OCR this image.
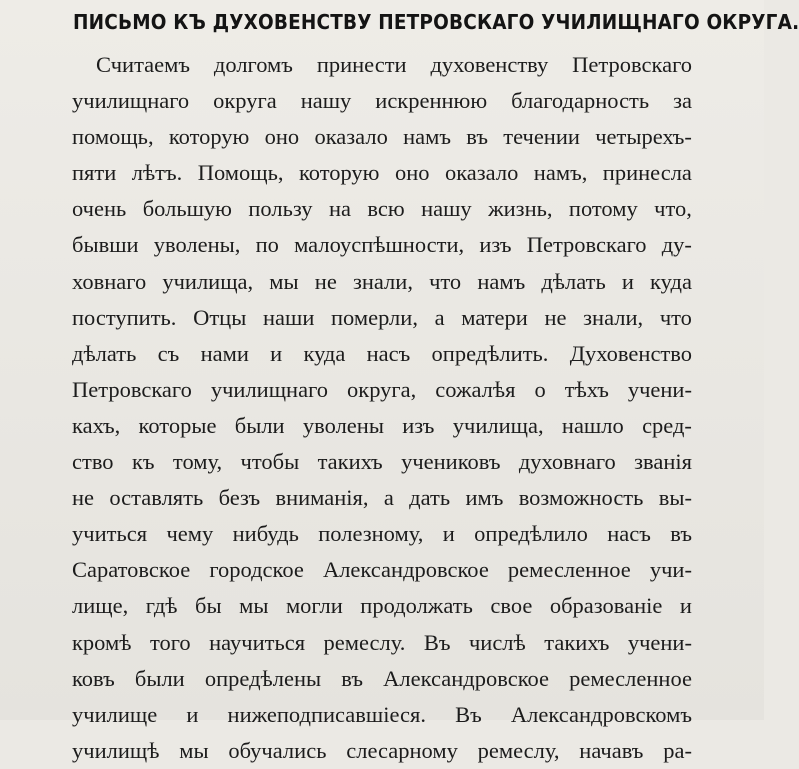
ПИСЬМО КЪ ДУХОВЕНСТВУ ПЕТРОВСКАГО УЧИЛИЩНАГО ОКРУГА.
Считаемъ долгомъ принести духовенству Петровскаго
училищнаго округа нашу искреннюю благодарность за
помощь, которую оно оказало намъ въ течении четырехъ-
пяти лѣтъ. Помощь, которую оно оказало намъ, принесла
очень большую пользу на всю нашу жизнь, потому что,
бывши уволены, по малоуспѣшности, изъ Петровскаго ду-
ховнаго училища, мы не знали, что намъ дѣлать и куда
поступить. Отцы наши померли, а матери не знали, что
дѣлать съ нами и куда насъ опредѣлить. Духовенство
Петровскаго училищнаго округа, сожалѣя о тѣхъ учени-
кахъ, которые были уволены изъ училища, нашло сред-
ство къ тому, чтобы такихъ учениковъ духовнаго званія
не оставлять безъ вниманія, а дать имъ возможность вы-
учиться чему нибудь полезному, и опредѣлило насъ въ
Саратовское городское Александровское ремесленное учи-
лище, гдѣ бы мы могли продолжать свое образованіе и
кромѣ того научиться ремеслу. Въ числѣ такихъ учени-
ковъ были опредѣлены въ Александровское ремесленное
училище и нижеподписавшіеся. Въ Александровскомъ
училищѣ мы обучались слесарному ремеслу, начавъ ра-
